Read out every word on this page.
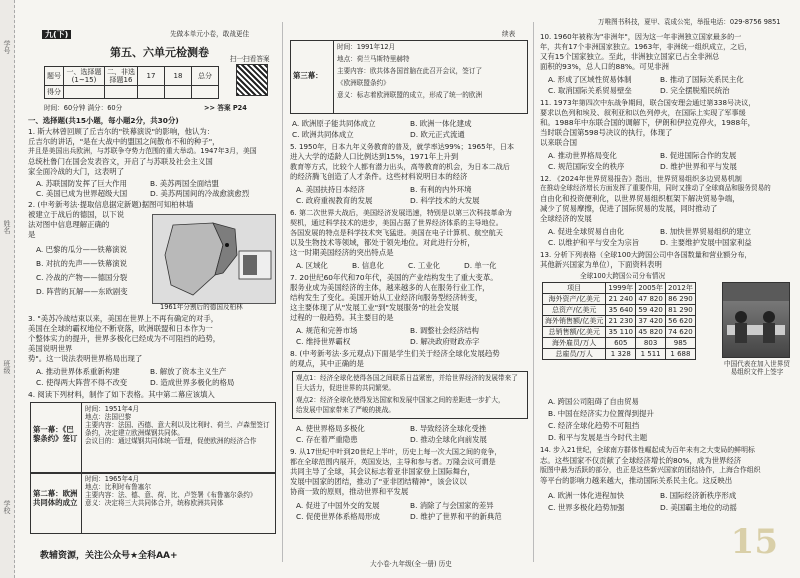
学号
姓名
班级
学校
九(下)	先做本单元小卷，敢战更佳
第五、六单元检测卷
题号	一、选择题(1~15)	二、非选择题16	17	18	总分
得分					
扫一扫看答案
时间：60分钟 满分：60分	>> 答案 P24
一、选择题(共15小题，每小题2分，共30分)
1. 斯大林曾回顾了丘吉尔的"铁幕演说"的影响，他认为：
丘吉尔的讲话，"是在大战中的盟国之间散布不和的种子"，
并且是美国出兵欧洲，与苏联争夺势力范围的重大举动。1947年3月，美国
总统杜鲁门在国会发表咨文，开启了与苏联及社会主义国
家全面冷战的大门，这表明了
A. 苏联国防发挥了巨大作用	B. 美苏两国全面结盟
C. 美国已成为世界超级大国	D. 美苏两国间的冷战愈演愈烈
2. (中考新考法·提取信息据定新题)据图可知柏林墙
被建立于战后的德国，以下说
法对图中信息理解正确的
是
A. 巴黎的瓜分——铁幕演说
B. 对抗的先声——铁幕演说
C. 冷战的产物——德国分裂
D. 阵营的瓦解——东欧剧变
1961年分割后的德国及柏林
3. "美苏冷战结束以来，美国在世界上不再有确定的对手，
美国在全球的霸权地位不断衰落，欧洲联盟和日本作为一
个整体实力的提升，世界多极化已经成为不可阻挡的趋势，
美国说明世界
势"。这一说法表明世界格局出现了
A. 推动世界体系重新构建	B. 解放了资本主义生产
C. 使得两大阵营不得不改变	D. 造成世界多极化的格局
4. 阅读下列材料，制作了如下表格。其中第二幕应该填入
第一幕：《巴黎条约》签订
时间：1951年4月
地点：法国巴黎
主要内容：法国、西德、意大利以及比利时、荷兰、卢森堡签订
条约，决定建立欧洲煤钢共同体。
会议目的：通过煤钢共同体统一管理，促使欧洲的经济合作
第二幕：欧洲共同体的成立
时间：1965年4月
地点：比利时布鲁塞尔
主要内容：法、德、意、荷、比、卢签署《布鲁塞尔条约》
意义：决定将三大共同体合并，统称欧洲共同体
教辅资源，关注公众号★全科AA+
续表
第三幕：
时间：1991年12月
地点：荷兰马斯特里赫特
主要内容：欧共体各国首脑在此召开会议，签订了
《欧洲联盟条约》
意义：标志着欧洲联盟的成立，形成了统一的欧洲
A. 欧洲原子能共同体成立	B. 欧洲一体化建成
C. 欧洲共同体成立	D. 欧元正式流通
5. 1950年，日本九年义务教育的普及，就学率达99%；1965年，日本
进入大学的适龄人口比例达到15%，1971年上升到
教育等方式，比较个人都有潜力出头，高等教育的机会，为日本二战后
的经济腾飞创造了人才条件。这些材料说明日本的经济
A. 美国扶持日本经济	B. 有利的内外环境
C. 政府重视教育的发展	D. 科学技术的大发展
6. 第二次世界大战后，美国经济发展迅速，特别是以第三次科技革命为
契机，通过科学技术的进步，美国占据了世界经济体系的主导地位。
各国发展的特点是科学技术突飞猛进。美国在电子计算机、航空航天
以及生物技术等领域，都处于领先地位。对此进行分析，
这一时期美国经济的突出特点是
A. 区域化	B. 信息化	C. 工业化	D. 单一化
7. 20世纪60年代和70年代，美国的产业结构发生了重大变革。
服务业成为美国经济的主体，越来越多的人在服务行业工作，
结构发生了变化。美国开始从工业经济向服务型经济转变，
这主要体现了从"发展工业"到"发展服务"的社会发展
过程的一般趋势。其主要目的是
A. 规范和完善市场	B. 调整社会经济结构
C. 维持世界霸权	D. 解决政府财政赤字
8. (中考新考法·多元观点)下面是学生们关于经济全球化发展趋势
的观点，其中正确的是
观点1：经济全球化使得各国之间联系日益紧密，并给世界经济的发展带来了
巨大活力，促进世界的共同繁荣。
观点2：经济全球化使得发达国家和发展中国家之间的差距进一步扩大，
给发展中国家带来了严峻的挑战。
A. 使世界格局多极化	B. 导致经济全球化受挫
C. 存在着严重隐患	D. 推动全球化向前发展
9. 从17世纪中叶到20世纪上半叶，历史上每一次大国之间的竞争，
都在全球范围内展开，英国发达，主导和参与者。万隆会议可谓是
共同主导了全球，其会议标志着亚非国家登上国际舞台，
发展中国家的团结，推动了"亚非团结精神"，该会议以
协商一致的原则，推动世界和平发展
A. 促进了中国外交的发展	B. 消除了与会国家的差异
C. 促使世界体系格局形成	D. 维护了世界和平的新典范
大小卷·九年级(全一册) 历史
万唯图书科技，夏甲、袁成公宪，举报电话：029-8756 9851
10. 1960年被称为"非洲年"，因为这一年非洲独立国家最多的一
年，共有17个非洲国家独立。1963年，非洲统一组织成立，之后，
又有15个国家独立。至此，非洲独立国家已占全非洲总
面积的93%，总人口的88%。可见非洲
A. 形成了区域性贸易体制	B. 推动了国际关系民主化
C. 取消国际关系贸易壁垒	D. 完全摆脱殖民统治
11. 1973年第四次中东战争期间，联合国安理会通过第338号决议，
要求以色列和埃及、叙利亚和以色列停火，在国际上实现了军事缓
和。1988年中东联合国的调解下，伊朗和伊拉克停火，1988年，
当时联合国第598号决议的执行，体现了
以来联合国
A. 推动世界格局变化	B. 促进国际合作的发展
C. 规范国际安全的秩序	D. 维护世界和平与发展
12. 《2024年世界贸易报告》指出，世界贸易组织多边贸易机制
在推动全球经济增长方面发挥了重要作用，同时又推动了全球商品和服务贸易的
自由化和投资便利化，以世界贸易组织框架下解决贸易争端，
减少了贸易摩擦，促进了国际贸易的发展，同时推动了
全球经济的发展
A. 促进全球贸易自由化	B. 加快世界贸易组织的建立
C. 以维护和平与安全为宗旨	D. 主要维护发展中国家利益
13. 分析下列表格（全球100大跨国公司中各国数量和营业额分布，
其他新兴国家为单位），下面资料表明
全球100大跨国公司分布情况
项目	1999年	2005年	2012年
海外资产/亿美元	21 240	47 820	86 290
总资产/亿美元	35 640	59 420	81 290
海外销售额/亿美元	21 230	37 420	56 620
总销售额/亿美元	35 110	45 820	74 620
海外雇员/万人	605	803	985
总雇员/万人	1 328	1 511	1 688
中国代表在加入世界贸易组织文件上签字
A. 跨国公司阻碍了自由贸易
B. 中国在经济实力位置得到提升
C. 经济全球化趋势不可阻挡
D. 和平与发展是当今时代主题
14. 步入21世纪，全球南方群体性崛起成为百年未有之大变局的鲜明标
志。这些国家不仅贡献了全球经济增长的80%，成为世界经济
版图中最为活跃的部分，也正是这些新兴国家的团结协作，上海合作组织
等平台的影响力越来越大，推动国际关系民主化。这反映出
A. 欧洲一体化进程加快	B. 国际经济新秩序形成
C. 世界多极化趋势加强	D. 美国霸主地位的动摇
15
